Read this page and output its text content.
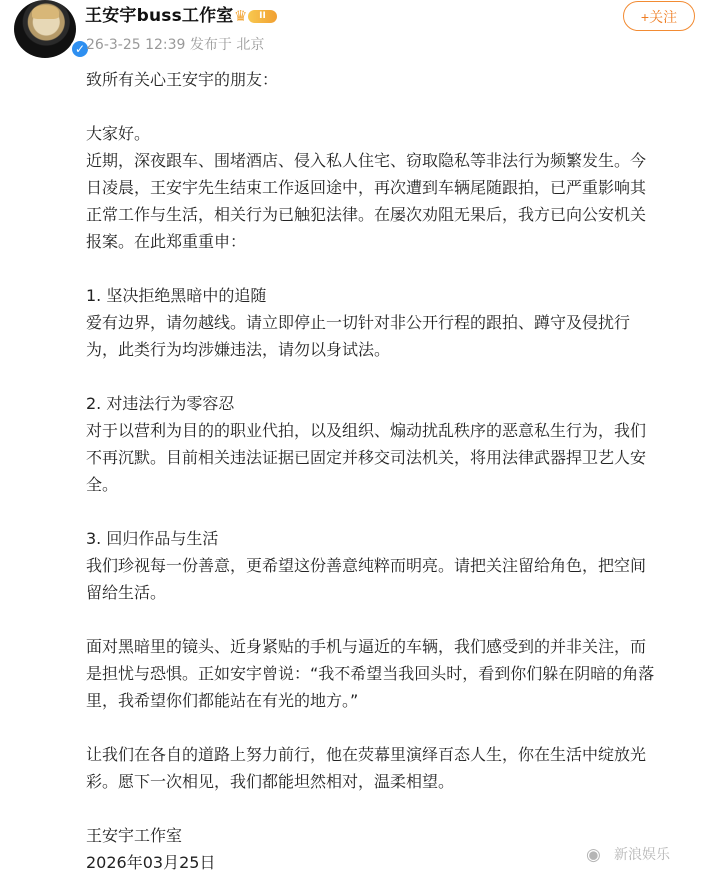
✓
王安宇buss工作室 ♛	II
26-3-25 12:39 发布于 北京
+关注
致所有关心王安宇的朋友：
大家好。
近期，深夜跟车、围堵酒店、侵入私人住宅、窃取隐私等非法行为频繁发生。今
日凌晨，王安宇先生结束工作返回途中，再次遭到车辆尾随跟拍，已严重影响其
正常工作与生活，相关行为已触犯法律。在屡次劝阻无果后，我方已向公安机关
报案。在此郑重重申：
1. 坚决拒绝黑暗中的追随
爱有边界，请勿越线。请立即停止一切针对非公开行程的跟拍、蹲守及侵扰行
为，此类行为均涉嫌违法，请勿以身试法。
2. 对违法行为零容忍
对于以营利为目的的职业代拍，以及组织、煽动扰乱秩序的恶意私生行为，我们
不再沉默。目前相关违法证据已固定并移交司法机关，将用法律武器捍卫艺人安
全。
3. 回归作品与生活
我们珍视每一份善意，更希望这份善意纯粹而明亮。请把关注留给角色，把空间
留给生活。
面对黑暗里的镜头、近身紧贴的手机与逼近的车辆，我们感受到的并非关注，而
是担忧与恐惧。正如安宇曾说：“我不希望当我回头时，看到你们躲在阴暗的角落
里，我希望你们都能站在有光的地方。”
让我们在各自的道路上努力前行，他在荧幕里演绎百态人生，你在生活中绽放光
彩。愿下一次相见，我们都能坦然相对，温柔相望。
王安宇工作室
2026年03月25日	◉ 新浪娱乐
